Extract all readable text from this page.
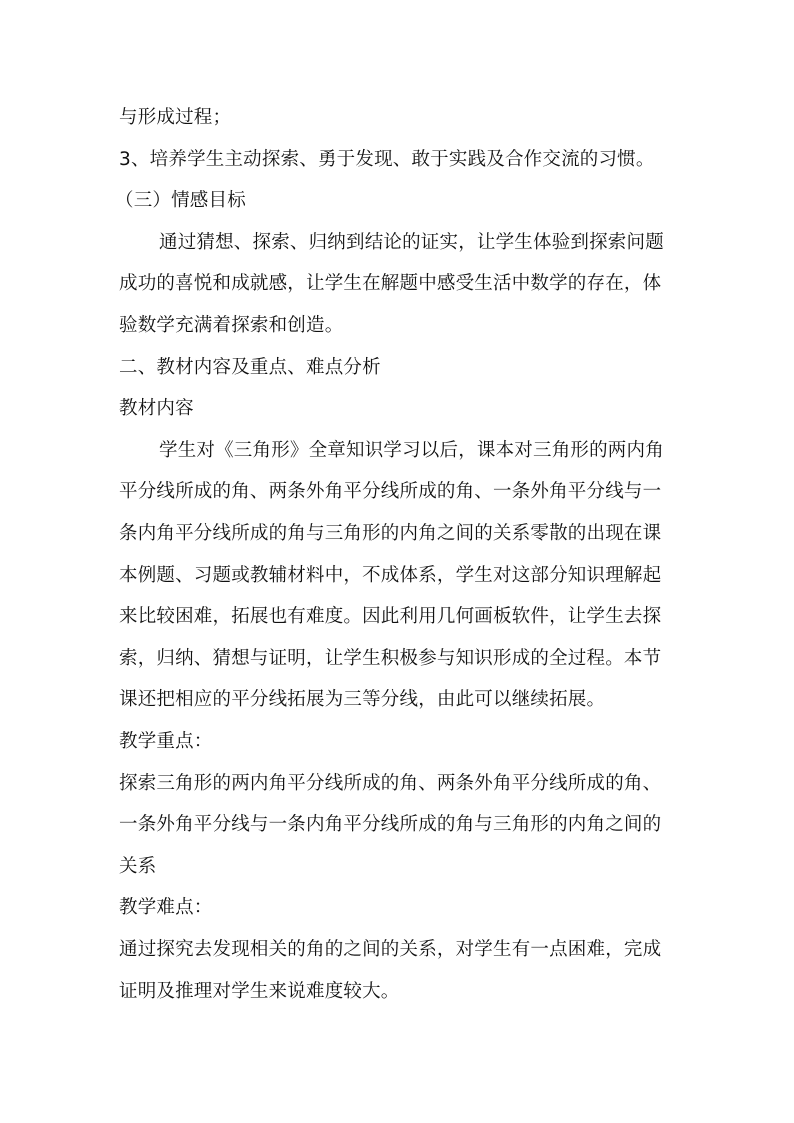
与形成过程；

3、培养学生主动探索、勇于发现、敢于实践及合作交流的习惯。

（三）情感目标

通过猜想、探索、归纳到结论的证实，让学生体验到探索问题

成功的喜悦和成就感，让学生在解题中感受生活中数学的存在，体

验数学充满着探索和创造。

二、教材内容及重点、难点分析

教材内容

学生对《三角形》全章知识学习以后，课本对三角形的两内角

平分线所成的角、两条外角平分线所成的角、一条外角平分线与一

条内角平分线所成的角与三角形的内角之间的关系零散的出现在课

本例题、习题或教辅材料中，不成体系，学生对这部分知识理解起

来比较困难，拓展也有难度。因此利用几何画板软件，让学生去探

索，归纳、猜想与证明，让学生积极参与知识形成的全过程。本节

课还把相应的平分线拓展为三等分线，由此可以继续拓展。

教学重点：

探索三角形的两内角平分线所成的角、两条外角平分线所成的角、

一条外角平分线与一条内角平分线所成的角与三角形的内角之间的

关系

教学难点：

通过探究去发现相关的角的之间的关系，对学生有一点困难，完成

证明及推理对学生来说难度较大。
